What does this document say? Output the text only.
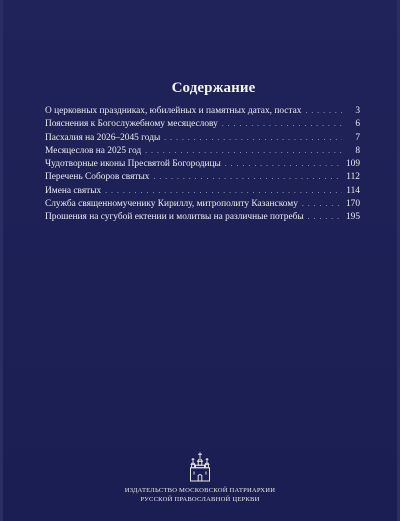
Содержание
О церковных праздниках, юбилейных и памятных датах, постах . . .	3
Пояснения к Богослужебному месяцеслову . . .	6
Пасхалия на 2026–2045 годы . . .	7
Месяцеслов на 2025 год . . .	8
Чудотворные иконы Пресвятой Богородицы . . .	109
Перечень Соборов святых . . .	112
Имена святых . . .	114
Служба священномученику Кириллу, митрополиту Казанскому . . .	170
Прошения на сугубой ектении и молитвы на различные потребы . . .	195
ИЗДАТЕЛЬСТВО МОСКОВСКОЙ ПАТРИАРХИИ
РУССКОЙ ПРАВОСЛАВНОЙ ЦЕРКВИ
